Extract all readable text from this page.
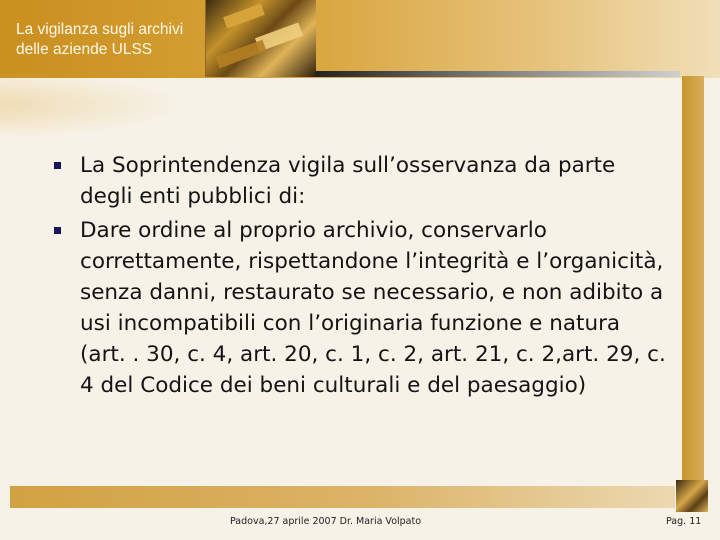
La vigilanza sugli archivi
delle aziende ULSS
La Soprintendenza vigila sull’osservanza da parte degli enti pubblici di:
Dare ordine al proprio archivio, conservarlo correttamente, rispettandone l’integrità e l’organicità, senza danni, restaurato se necessario, e non adibito a usi incompatibili con l’originaria funzione e natura (art. . 30, c. 4, art. 20, c. 1, c. 2, art. 21, c. 2,art. 29, c. 4 del Codice dei beni culturali e del paesaggio)
Padova,27 aprile 2007 Dr. Maria Volpato	Pag. 11
